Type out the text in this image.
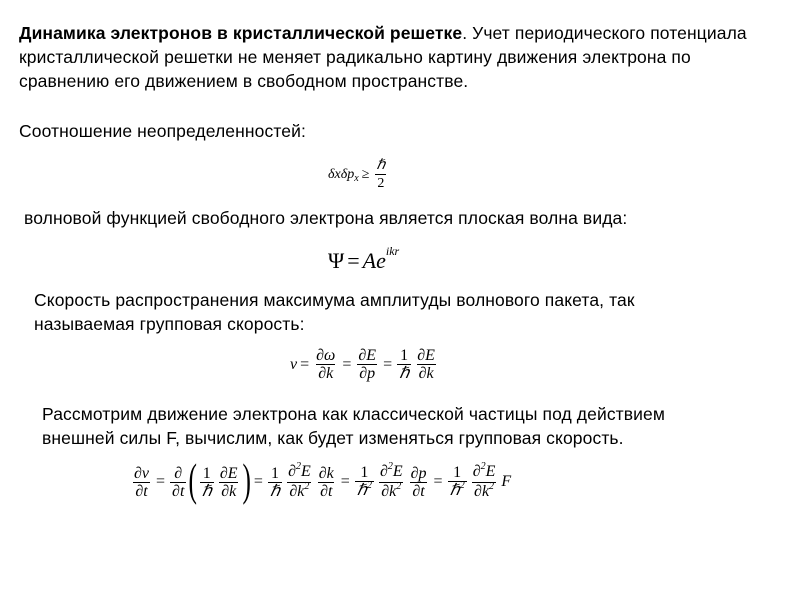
Динамика электронов в кристаллической решетке. Учет периодического потенциала кристаллической решетки не меняет радикально картину движения электрона по сравнению его движением в свободном пространстве.
Соотношение неопределенностей:
δxδp $x \ge \frac{\text{ℏ}}{2}$
волновой функцией свободного электрона является плоская волна вида:
Ψ = Ae ikr
Скорость распространения максимума амплитуды волнового пакета, так называемая групповая скорость:
$v = \frac{\partial\omega}{\partial k} = \frac{\partial E}{\partial p} = \frac{1}{\text{ℏ}} \frac{\partial E}{\partial k}$
Рассмотрим движение электрона как классической частицы под действием внешней силы F, вычислим, как будет изменяться групповая скорость.
$\frac{\partial v}{\partial t} = \frac{\partial}{\partial t}$ ( $\frac{1}{\text{ℏ}} \frac{\partial E}{\partial k}$ ) = $\frac{1}{\text{ℏ}} \frac{\partial^2E}{\partial k^2} \frac{\partial k}{\partial t} = \frac{1}{\hbar^2} \frac{\partial^2E}{\partial k^2} \frac{\partial p}{\partial t} = \frac{1}{\hbar^2} \frac{\partial^2E}{\partial k^2}$ F
